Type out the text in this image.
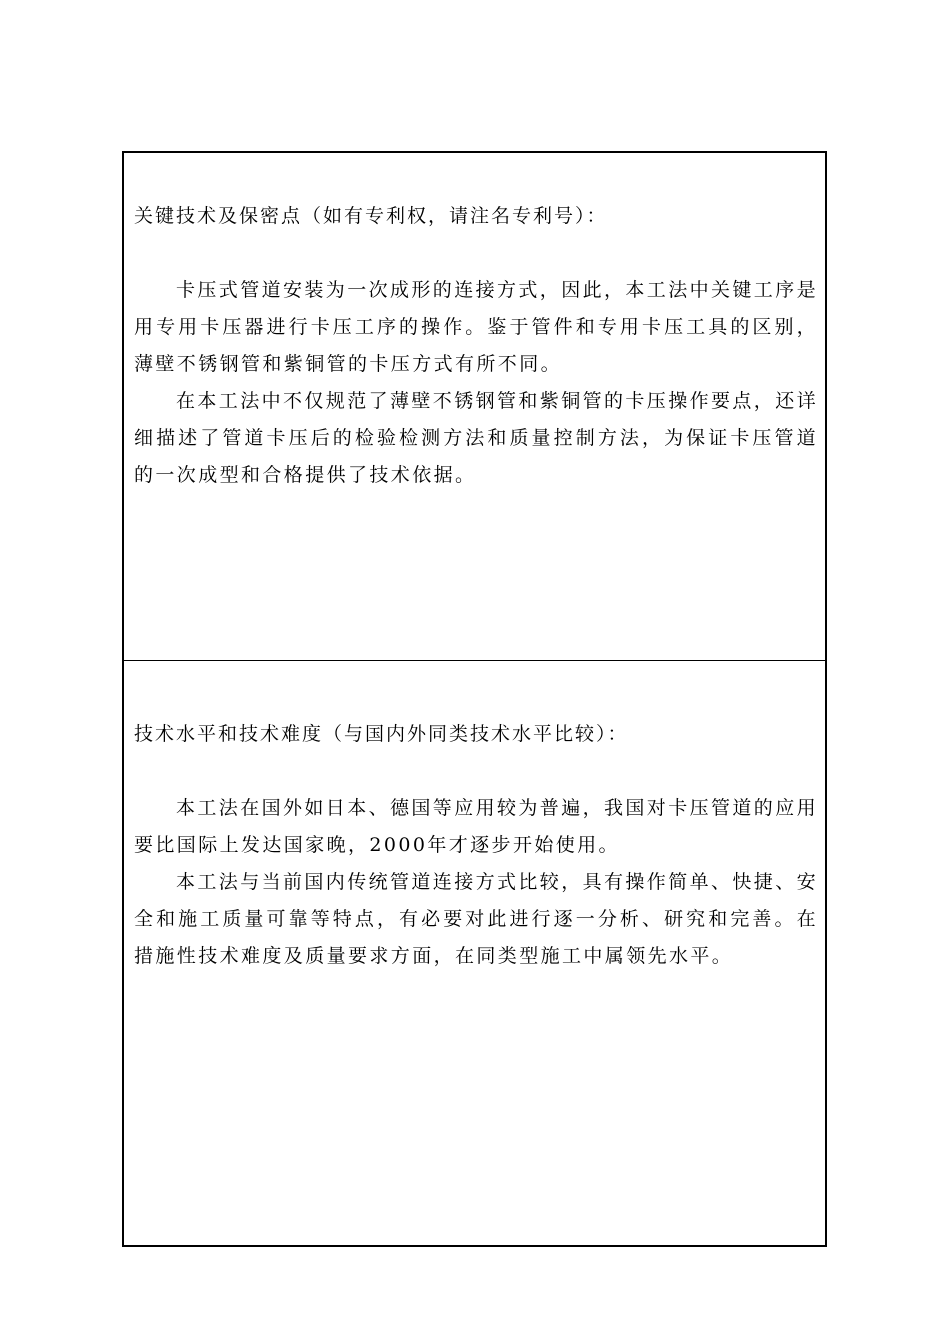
关键技术及保密点（如有专利权，请注名专利号）：

卡压式管道安装为一次成形的连接方式，因此，本工法中关键工序是用专用卡压器进行卡压工序的操作。鉴于管件和专用卡压工具的区别，薄壁不锈钢管和紫铜管的卡压方式有所不同。

在本工法中不仅规范了薄壁不锈钢管和紫铜管的卡压操作要点，还详细描述了管道卡压后的检验检测方法和质量控制方法，为保证卡压管道的一次成型和合格提供了技术依据。

技术水平和技术难度（与国内外同类技术水平比较）：

本工法在国外如日本、德国等应用较为普遍，我国对卡压管道的应用要比国际上发达国家晚，2000年才逐步开始使用。

本工法与当前国内传统管道连接方式比较，具有操作简单、快捷、安全和施工质量可靠等特点，有必要对此进行逐一分析、研究和完善。在措施性技术难度及质量要求方面，在同类型施工中属领先水平。
